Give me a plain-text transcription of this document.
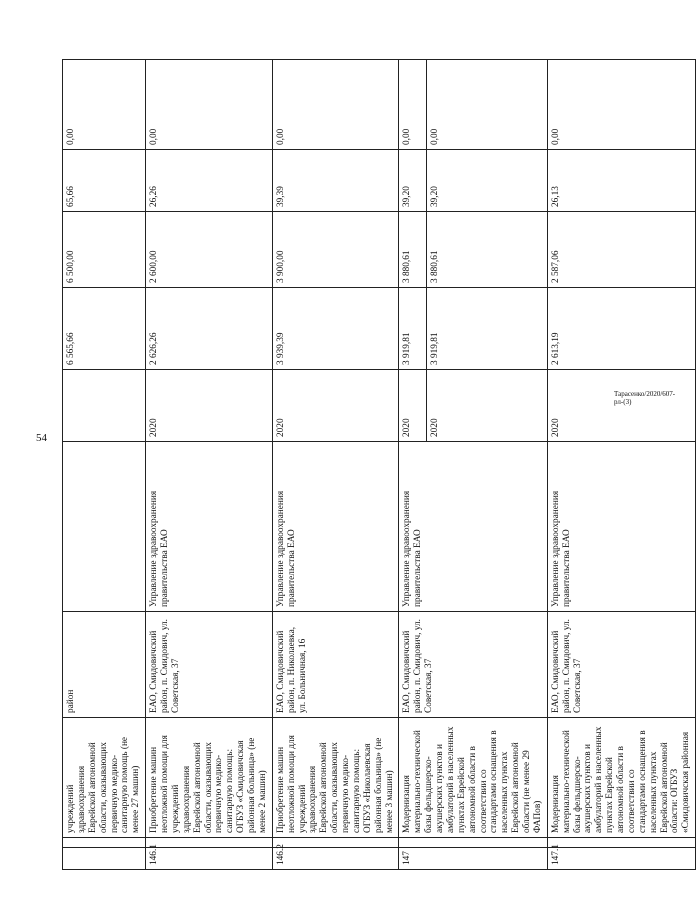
54
Тарасенко/2020/607-рл-(3)
		учреждений здравоохранения Еврейской автономной области, оказывающих первичную медико-санитарную помощь (не менее 27 машин)	район			6 565,66	6 500,00	65,66	0,00
146.1		Приобретение машин неотложной помощи для учреждений здравоохранения Еврейской автономной области, оказывающих первичную медико-санитарную помощь: ОГБУЗ «Смидовичская районная больница» (не менее 2 машин)	ЕАО, Смидовичский район, п. Смидович, ул. Советская, 37	Управление здравоохранения правительства ЕАО	2020	2 626,26	2 600,00	26,26	0,00
146.2		Приобретение машин неотложной помощи для учреждений здравоохранения Еврейской автономной области, оказывающих первичную медико-санитарную помощь: ОГБУЗ «Николаевская районная больница» (не менее 3 машин)	ЕАО, Смидовичский район, п. Николаевка, ул. Больничная, 16	Управление здравоохранения правительства ЕАО	2020	3 939,39	3 900,00	39,39	0,00
147		Модернизация материально-технической базы фельдшерско-акушерских пунктов и амбулаторий в населенных пунктах Еврейской автономной области в соответствии со стандартами оснащения в населенных пунктах Еврейской автономной области (не менее 29 ФАПов)	ЕАО, Смидовичский район, п. Смидович, ул. Советская, 37	Управление здравоохранения правительства ЕАО	2020	3 919,81	3 880,61	39,20	0,00
					2020	3 919,81	3 880,61	39,20	0,00
147.1		Модернизация материально-технической базы фельдшерско-акушерских пунктов и амбулаторий в населенных пунктах Еврейской автономной области в соответствии со стандартами оснащения в населенных пунктах Еврейской автономной области: ОГБУЗ «Смидовичская районная	ЕАО, Смидовичский район, п. Смидович, ул. Советская, 37	Управление здравоохранения правительства ЕАО	2020	2 613,19	2 587,06	26,13	0,00
